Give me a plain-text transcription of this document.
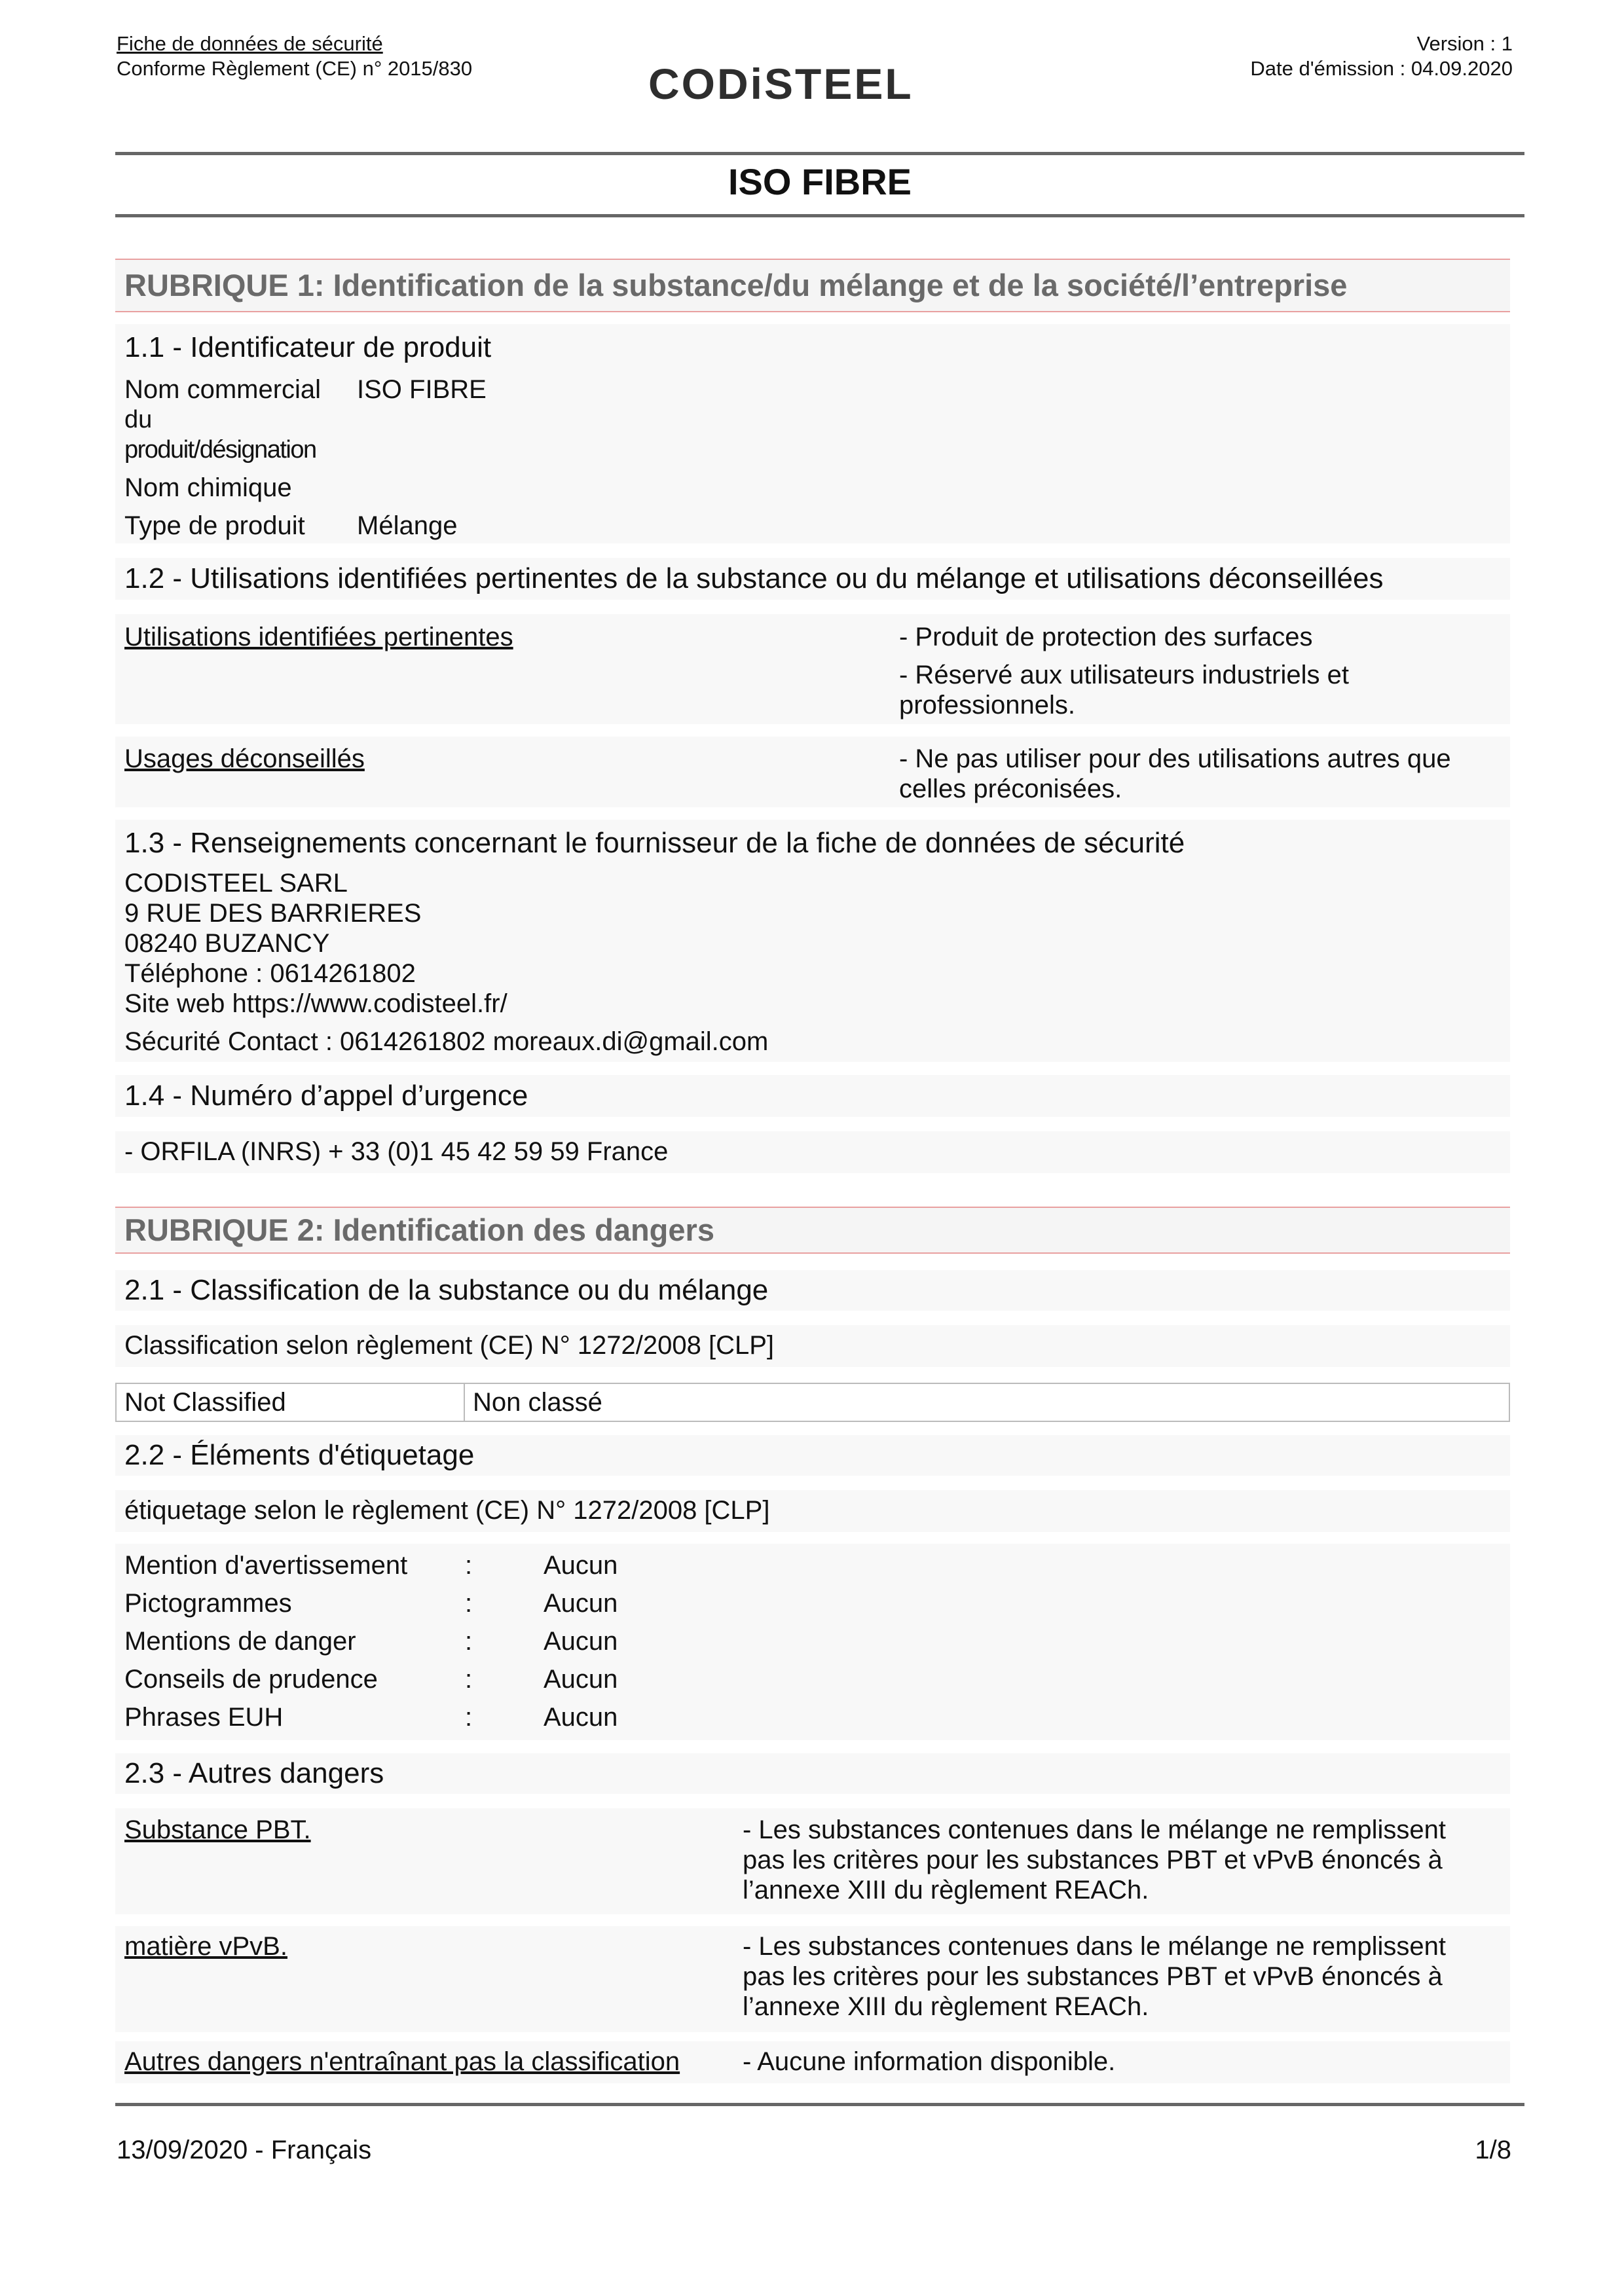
Fiche de données de sécurité
Conforme Règlement (CE) n° 2015/830	CODiSTEEL
Version : 1
Date d'émission : 04.09.2020
ISO FIBRE
RUBRIQUE 1: Identification de la substance/du mélange et de la société/l’entreprise
1.1 - Identificateur de produit
Nom commercial
du
produit/désignation
ISO FIBRE
Nom chimique
Type de produit Mélange
1.2 - Utilisations identifiées pertinentes de la substance ou du mélange et utilisations déconseillées
Utilisations identifiées pertinentes	- Produit de protection des surfaces
- Réservé aux utilisateurs industriels et
professionnels.
Usages déconseillés	- Ne pas utiliser pour des utilisations autres que
celles préconisées.
1.3 - Renseignements concernant le fournisseur de la fiche de données de sécurité
CODISTEEL SARL
9 RUE DES BARRIERES
08240 BUZANCY
Téléphone : 0614261802
Site web https://www.codisteel.fr/
Sécurité Contact : 0614261802 moreaux.di@gmail.com
1.4 - Numéro d’appel d’urgence
- ORFILA (INRS) + 33 (0)1 45 42 59 59 France
RUBRIQUE 2: Identification des dangers
2.1 - Classification de la substance ou du mélange
Classification selon règlement (CE) N° 1272/2008 [CLP]
Not Classified	Non classé
2.2 - Éléments d'étiquetage
étiquetage selon le règlement (CE) N° 1272/2008 [CLP]
Mention d'avertissement :	Aucun
Pictogrammes	:	Aucun
Mentions de danger	:	Aucun
Conseils de prudence	:	Aucun
Phrases EUH	:	Aucun
2.3 - Autres dangers
Substance PBT.	- Les substances contenues dans le mélange ne remplissent
pas les critères pour les substances PBT et vPvB énoncés à
l’annexe XIII du règlement REACh.
matière vPvB.	- Les substances contenues dans le mélange ne remplissent
pas les critères pour les substances PBT et vPvB énoncés à
l’annexe XIII du règlement REACh.
Autres dangers n'entraînant pas la classification - Aucune information disponible.
13/09/2020 - Français	1/8
